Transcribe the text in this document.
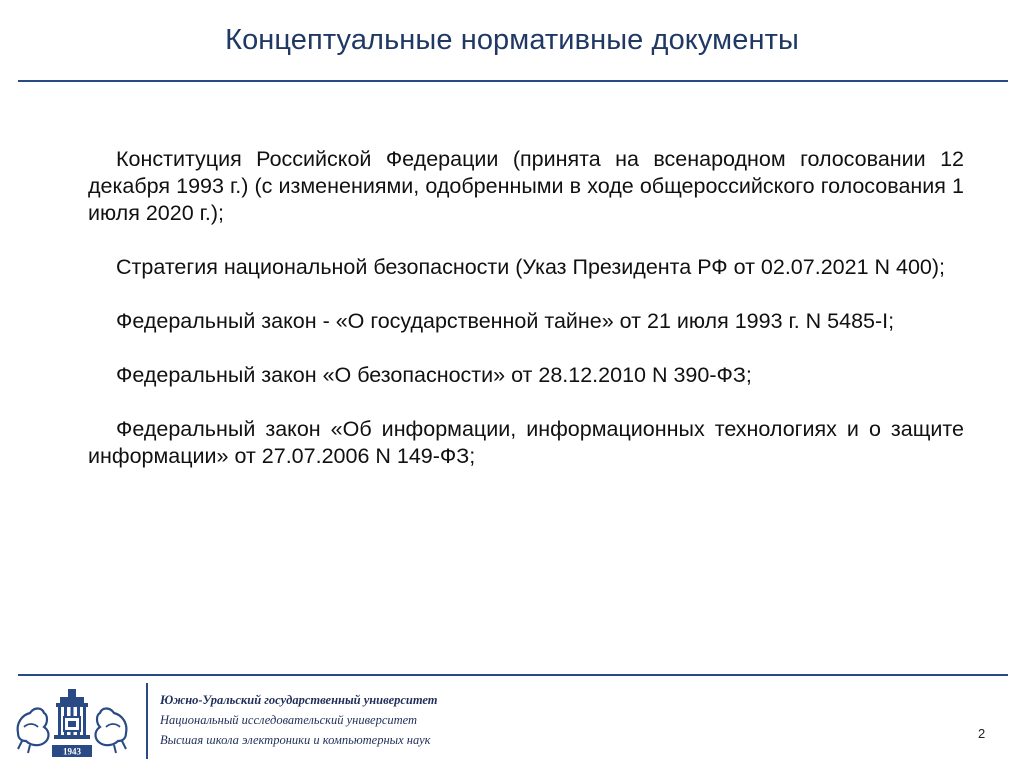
Концептуальные нормативные документы

Конституция Российской Федерации (принята на всенародном голосовании 12 декабря 1993 г.) (с изменениями, одобренными в ходе общероссийского голосования 1 июля 2020 г.);

Стратегия национальной безопасности (Указ Президента РФ от 02.07.2021 N 400);

Федеральный закон - «О государственной тайне» от 21 июля 1993 г. N 5485-I;

Федеральный закон «О безопасности» от 28.12.2010 N 390-ФЗ;

Федеральный закон «Об информации, информационных технологиях и о защите информации» от 27.07.2006 N 149-ФЗ;

1943
Южно-Уральский государственный университет
Национальный исследовательский университет
Высшая школа электроники и компьютерных наук	2
